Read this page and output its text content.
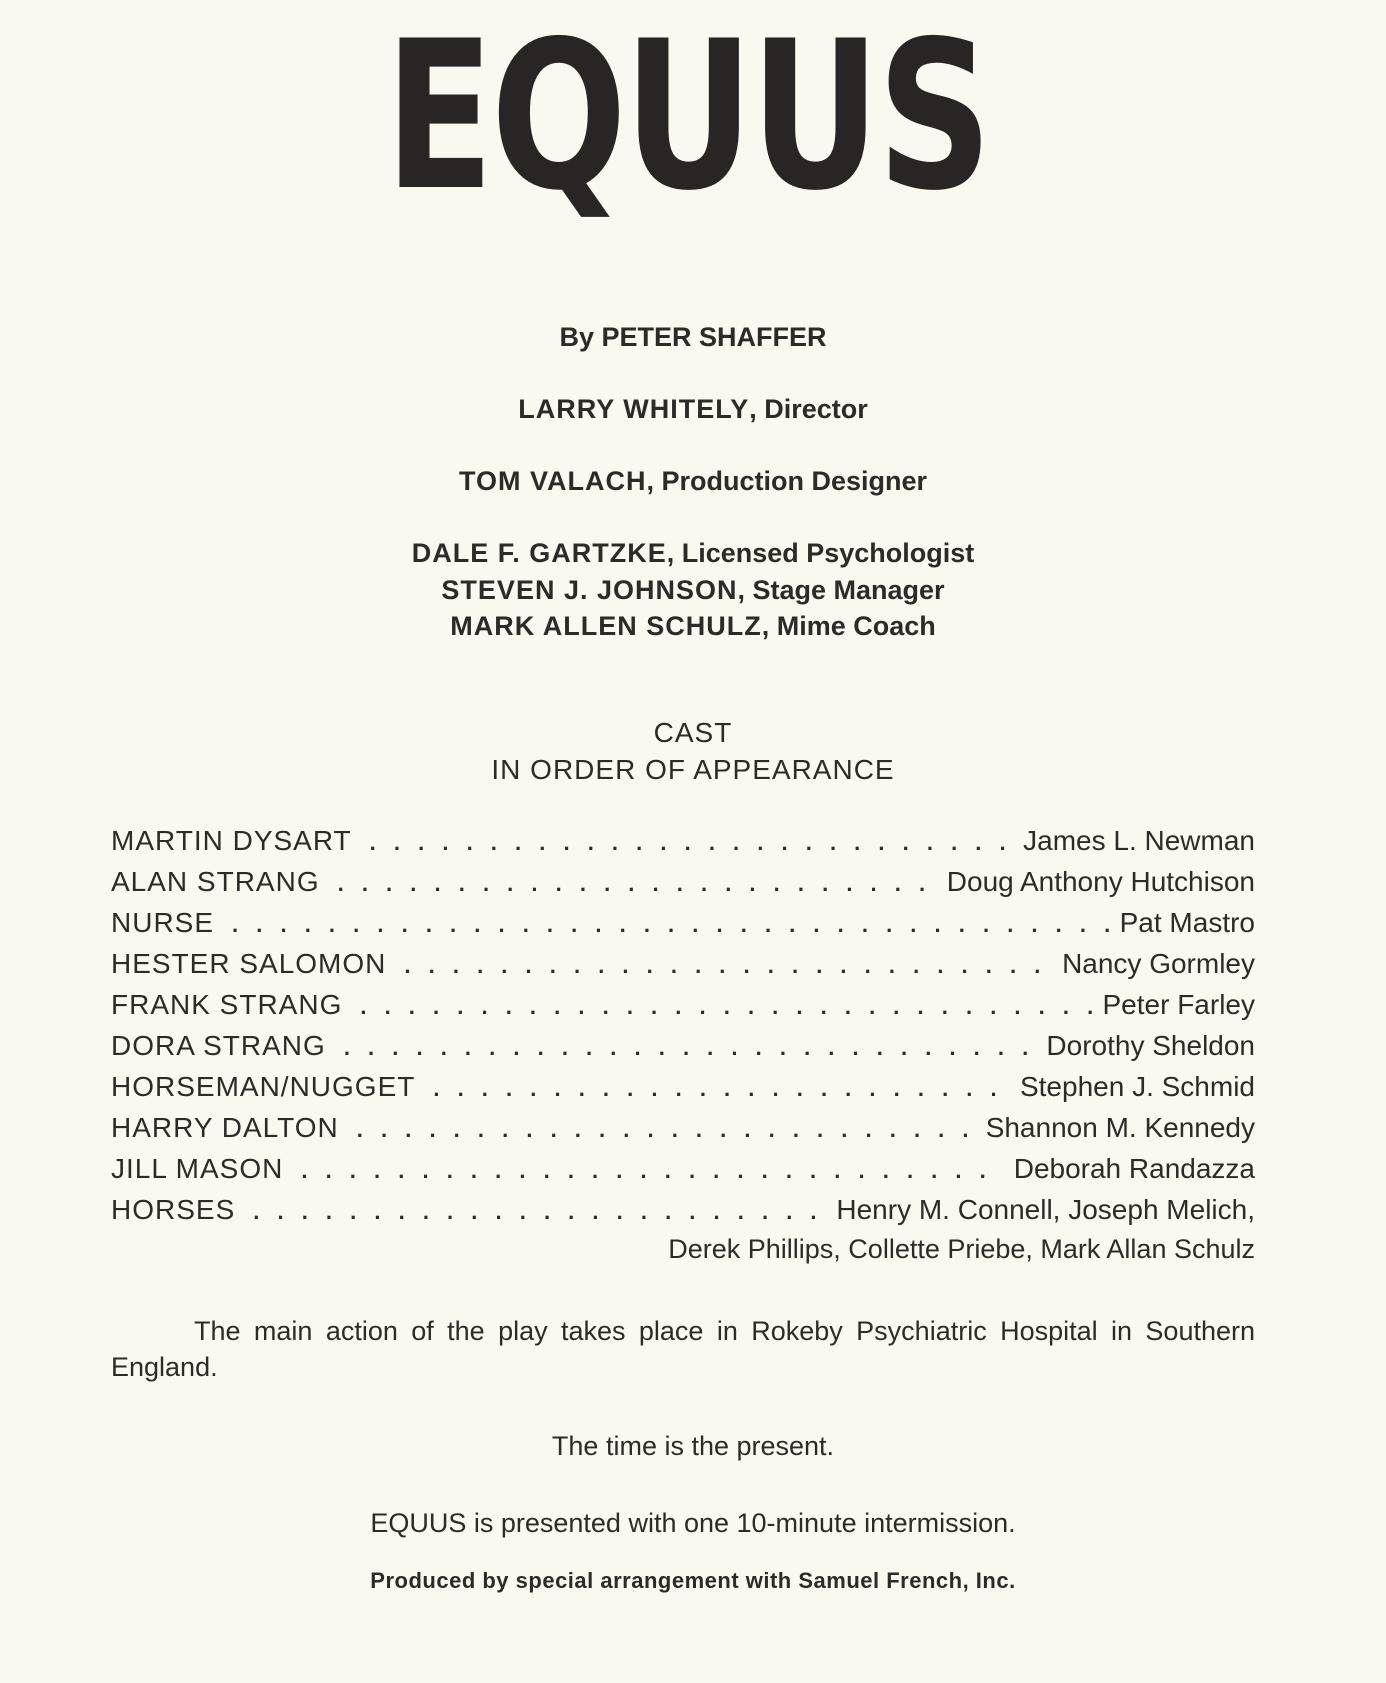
EQUUS
By PETER SHAFFER
LARRY WHITELY, Director
TOM VALACH, Production Designer
DALE F. GARTZKE, Licensed Psychologist
STEVEN J. JOHNSON, Stage Manager
MARK ALLEN SCHULZ, Mime Coach
CAST
IN ORDER OF APPEARANCE
MARTIN DYSART . . .	James L. Newman
ALAN STRANG . . .	Doug Anthony Hutchison
NURSE . . .	Pat Mastro
HESTER SALOMON . . .	Nancy Gormley
FRANK STRANG . . .	Peter Farley
DORA STRANG . . .	Dorothy Sheldon
HORSEMAN/NUGGET . . .	Stephen J. Schmid
HARRY DALTON . . .	Shannon M. Kennedy
JILL MASON . . .	Deborah Randazza
HORSES . . .	Henry M. Connell, Joseph Melich,
Derek Phillips, Collette Priebe, Mark Allan Schulz

The main action of the play takes place in Rokeby Psychiatric Hospital in Southern England.

The time is the present.
EQUUS is presented with one 10-minute intermission.
Produced by special arrangement with Samuel French, Inc.
